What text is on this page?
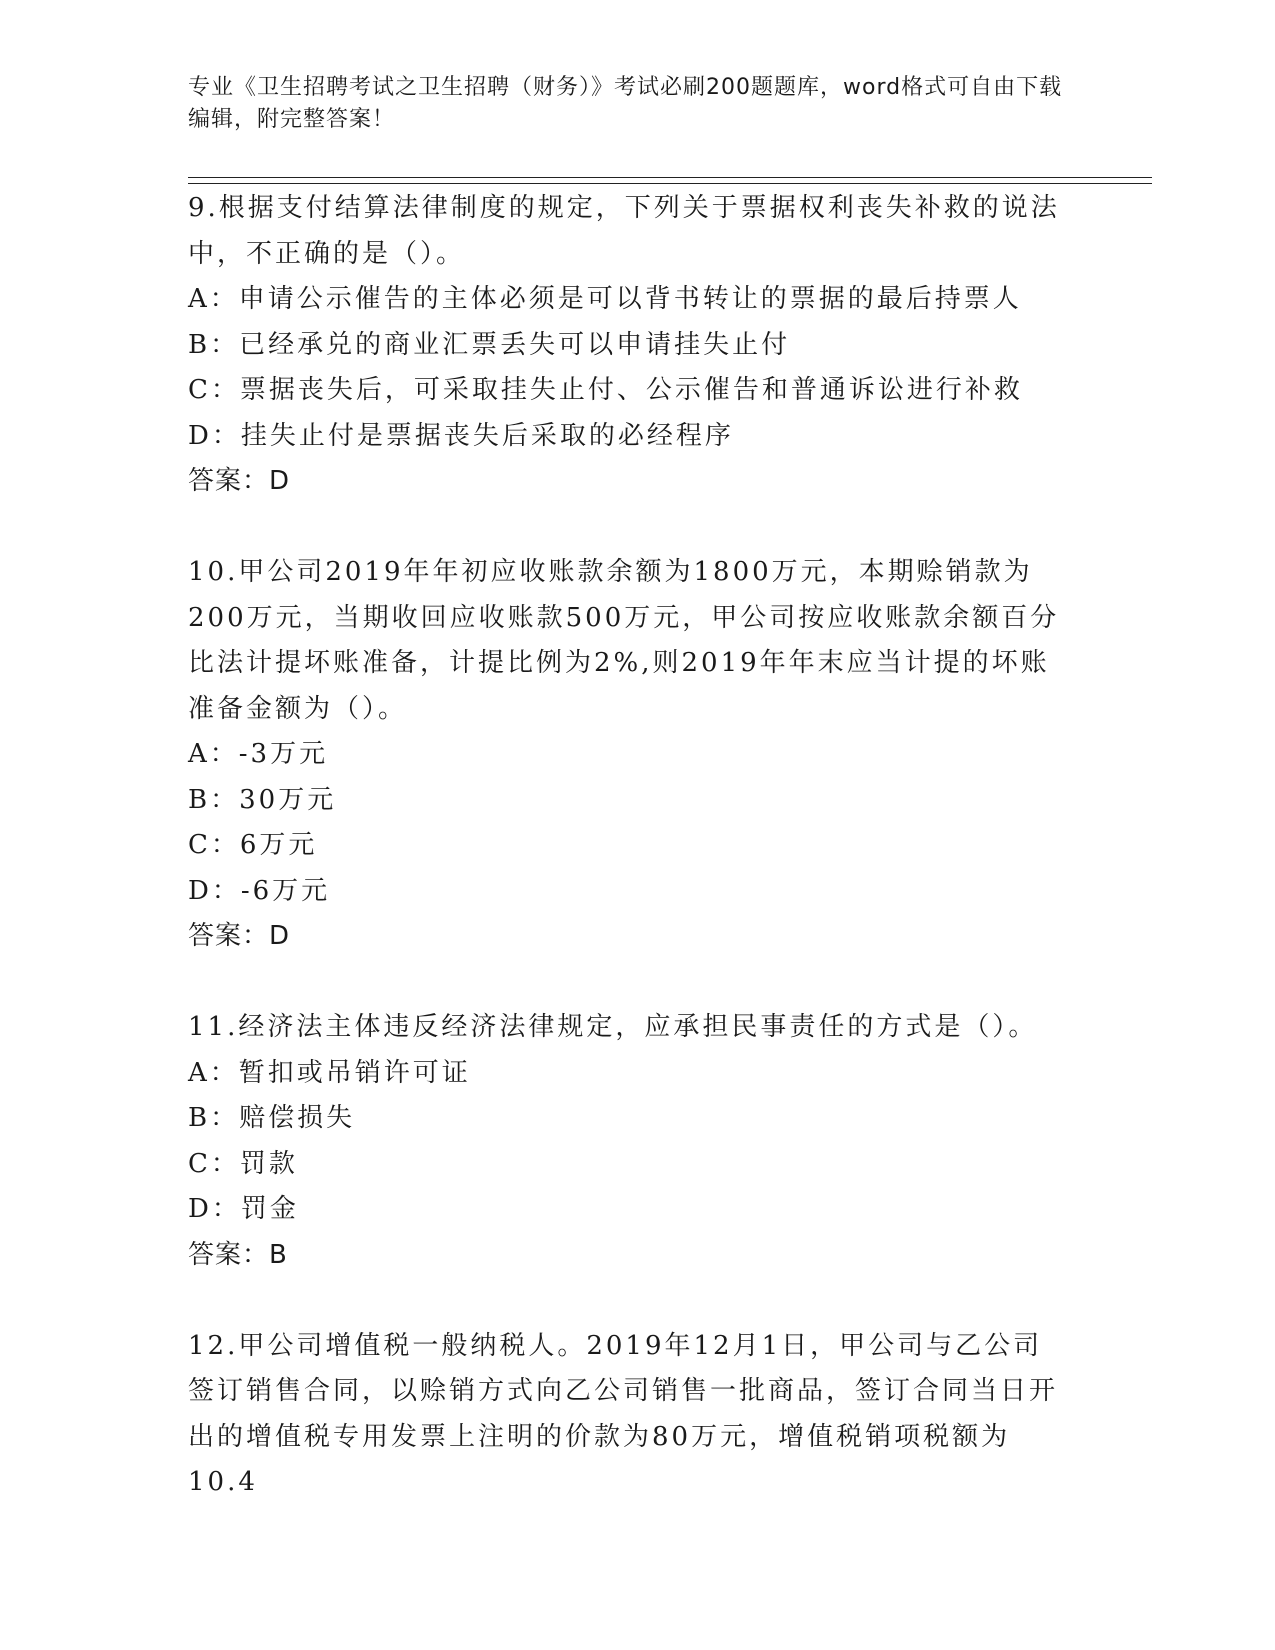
专业《卫生招聘考试之卫生招聘（财务）》考试必刷200题题库，word格式可自由下载编辑，附完整答案！

9.根据支付结算法律制度的规定，下列关于票据权利丧失补救的说法中，不正确的是（）。

A：申请公示催告的主体必须是可以背书转让的票据的最后持票人

B：已经承兑的商业汇票丢失可以申请挂失止付

C：票据丧失后，可采取挂失止付、公示催告和普通诉讼进行补救

D：挂失止付是票据丧失后采取的必经程序

答案：D

10.甲公司2019年年初应收账款余额为1800万元，本期赊销款为200万元，当期收回应收账款500万元，甲公司按应收账款余额百分比法计提坏账准备，计提比例为2%,则2019年年末应当计提的坏账准备金额为（）。

A：-3万元

B：30万元

C：6万元

D：-6万元

答案：D

11.经济法主体违反经济法律规定，应承担民事责任的方式是（）。

A：暂扣或吊销许可证

B：赔偿损失

C：罚款

D：罚金

答案：B

12.甲公司增值税一般纳税人。2019年12月1日，甲公司与乙公司签订销售合同，以赊销方式向乙公司销售一批商品，签订合同当日开出的增值税专用发票上注明的价款为80万元，增值税销项税额为10.4
